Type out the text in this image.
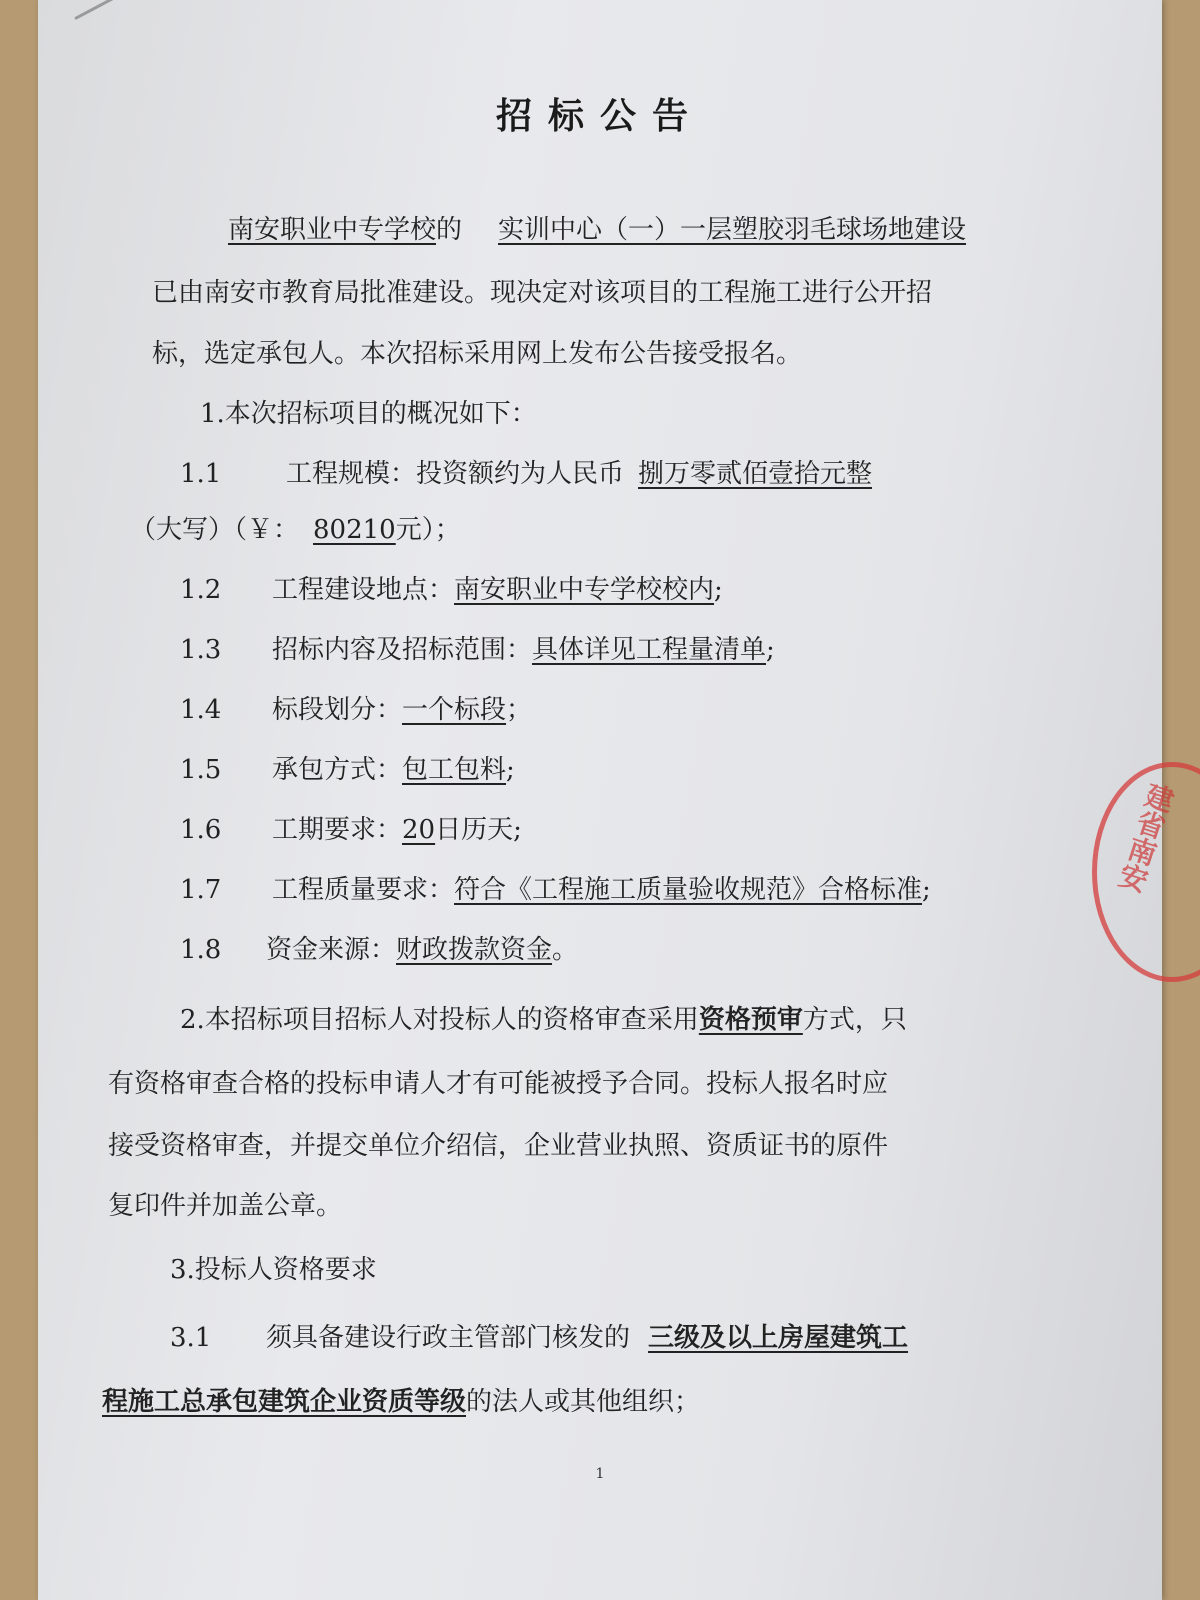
招标公告
南安职业中专学校的 实训中心（一）一层塑胶羽毛球场地建设
已由南安市教育局批准建设。现决定对该项目的工程施工进行公开招
标，选定承包人。本次招标采用网上发布公告接受报名。
1.本次招标项目的概况如下：
1.1 工程规模：投资额约为人民币 捌万零贰佰壹拾元整
（大写）（￥： 80210元）；
1.2 工程建设地点：南安职业中专学校校内;
1.3 招标内容及招标范围：具体详见工程量清单;
1.4 标段划分：一个标段；
1.5 承包方式：包工包料;
1.6 工期要求：20日历天;
1.7 工程质量要求：符合《工程施工质量验收规范》合格标准;
1.8 资金来源：财政拨款资金。
2.本招标项目招标人对投标人的资格审查采用资格预审方式，只
有资格审查合格的投标申请人才有可能被授予合同。投标人报名时应
接受资格审查，并提交单位介绍信，企业营业执照、资质证书的原件
复印件并加盖公章。
3.投标人资格要求
3.1 须具备建设行政主管部门核发的 三级及以上房屋建筑工
程施工总承包建筑企业资质等级的法人或其他组织；
建省南安
1
